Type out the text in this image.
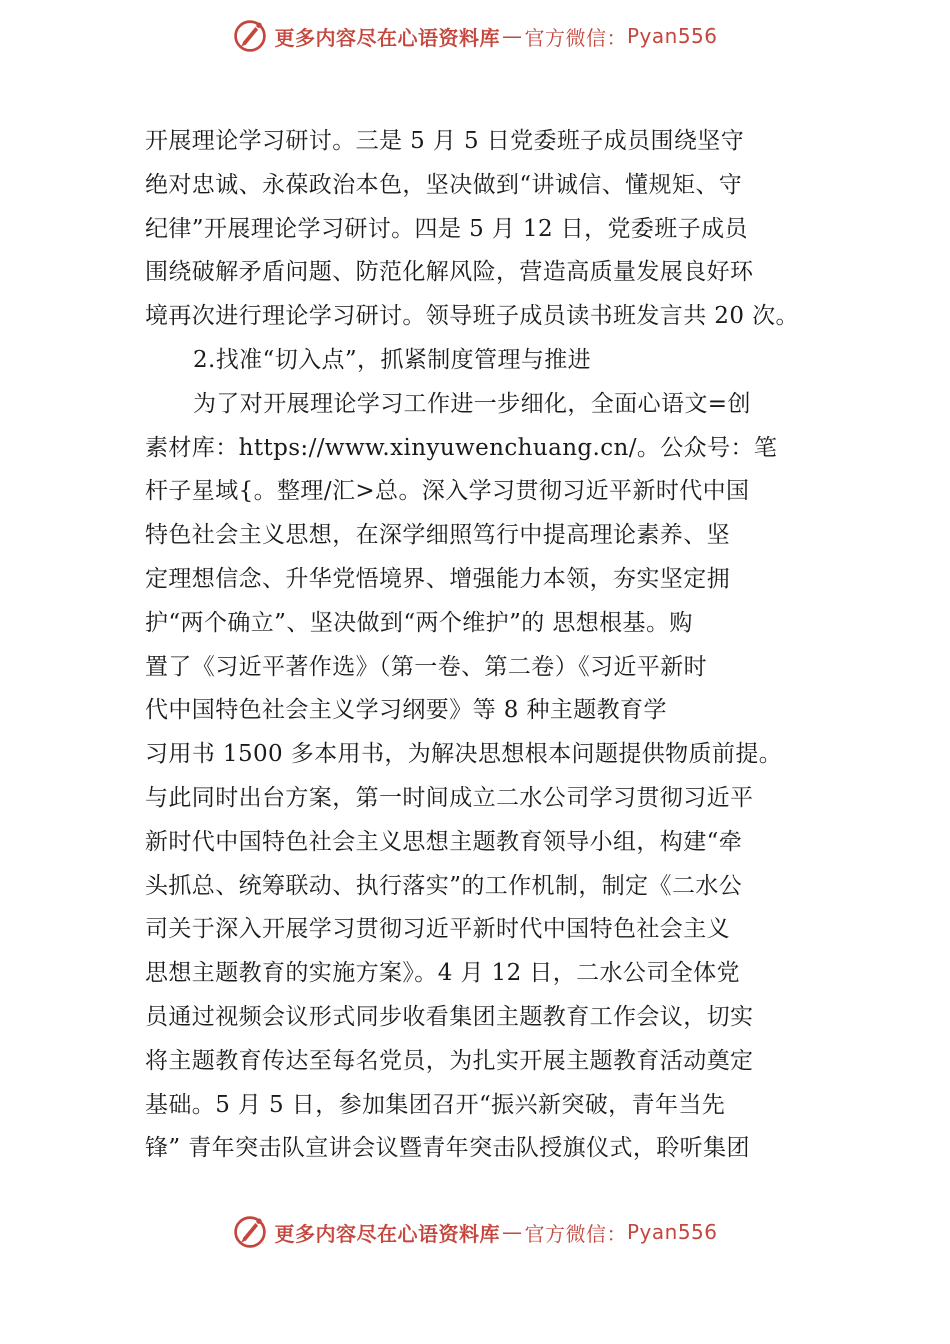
更多内容尽在心语资料库 — 官方微信： Pyan556
开展理论学习研讨。三是 5 月 5 日党委班子成员围绕坚守
绝对忠诚、永葆政治本色，坚决做到“讲诚信、懂规矩、守
纪律”开展理论学习研讨。四是 5 月 12 日，党委班子成员
围绕破解矛盾问题、防范化解风险，营造高质量发展良好环
境再次进行理论学习研讨。领导班子成员读书班发言共 20 次。
2.找准“切入点”，抓紧制度管理与推进
为了对开展理论学习工作进一步细化，全面心语文=创
素材库：https://www.xinyuwenchuang.cn/。公众号：笔
杆子星域{。整理/汇>总。深入学习贯彻习近平新时代中国
特色社会主义思想，在深学细照笃行中提高理论素养、坚
定理想信念、升华党悟境界、增强能力本领，夯实坚定拥
护“两个确立”、坚决做到“两个维护”的 思想根基。购
置了《习近平著作选》（第一卷、第二卷）《习近平新时
代中国特色社会主义学习纲要》等 8 种主题教育学
习用书 1500 多本用书，为解决思想根本问题提供物质前提。
与此同时出台方案，第一时间成立二水公司学习贯彻习近平
新时代中国特色社会主义思想主题教育领导小组，构建“牵
头抓总、统筹联动、执行落实”的工作机制，制定《二水公
司关于深入开展学习贯彻习近平新时代中国特色社会主义
思想主题教育的实施方案》。4 月 12 日，二水公司全体党
员通过视频会议形式同步收看集团主题教育工作会议，切实
将主题教育传达至每名党员，为扎实开展主题教育活动奠定
基础。5 月 5 日，参加集团召开“振兴新突破，青年当先
锋” 青年突击队宣讲会议暨青年突击队授旗仪式，聆听集团
更多内容尽在心语资料库 — 官方微信： Pyan556
